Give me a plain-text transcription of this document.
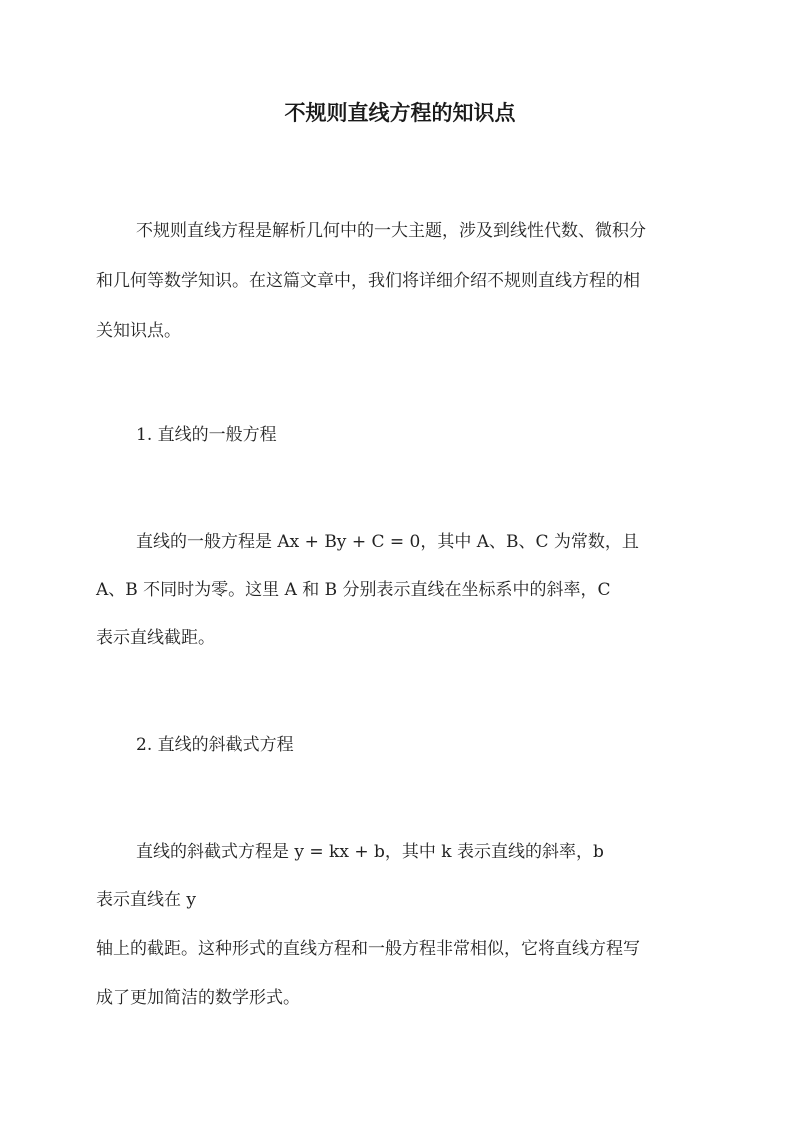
不规则直线方程的知识点
不规则直线方程是解析几何中的一大主题，涉及到线性代数、微积分
和几何等数学知识。在这篇文章中，我们将详细介绍不规则直线方程的相
关知识点。
1. 直线的一般方程
直线的一般方程是 Ax + By + C = 0，其中 A、B、C 为常数，且
A、B 不同时为零。这里 A 和 B 分别表示直线在坐标系中的斜率，C
表示直线截距。
2. 直线的斜截式方程
直线的斜截式方程是 y = kx + b，其中 k 表示直线的斜率，b
表示直线在 y
轴上的截距。这种形式的直线方程和一般方程非常相似，它将直线方程写
成了更加简洁的数学形式。
